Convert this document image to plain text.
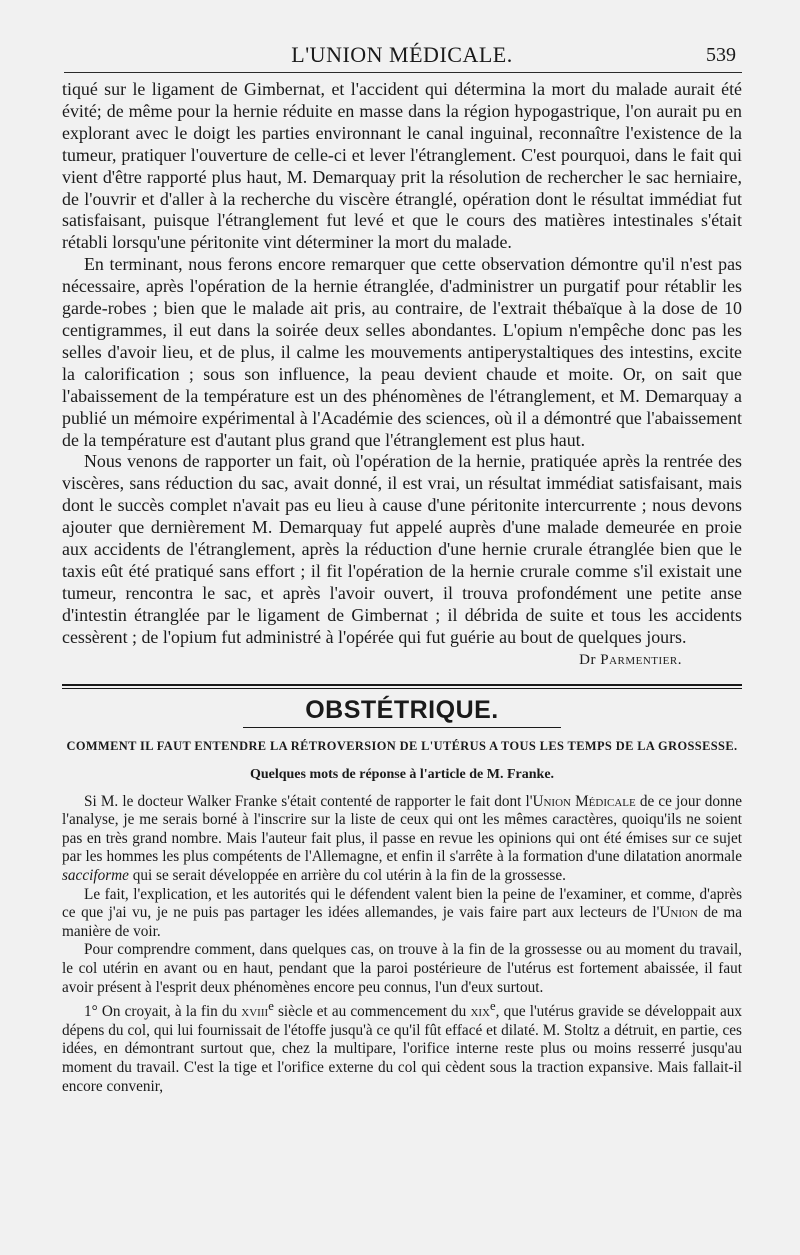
L'UNION MÉDICALE.	539

tiqué sur le ligament de Gimbernat, et l'accident qui détermina la mort du malade aurait été évité; de même pour la hernie réduite en masse dans la région hypogastrique, l'on aurait pu en explorant avec le doigt les parties environnant le canal inguinal, reconnaître l'existence de la tumeur, pratiquer l'ouverture de celle-ci et lever l'étranglement. C'est pourquoi, dans le fait qui vient d'être rapporté plus haut, M. Demarquay prit la résolution de rechercher le sac herniaire, de l'ouvrir et d'aller à la recherche du viscère étranglé, opération dont le résultat immédiat fut satisfaisant, puisque l'étranglement fut levé et que le cours des matières intestinales s'était rétabli lorsqu'une péritonite vint déterminer la mort du malade.

En terminant, nous ferons encore remarquer que cette observation démontre qu'il n'est pas nécessaire, après l'opération de la hernie étranglée, d'administrer un purgatif pour rétablir les garde-robes ; bien que le malade ait pris, au contraire, de l'extrait thébaïque à la dose de 10 centigrammes, il eut dans la soirée deux selles abondantes. L'opium n'empêche donc pas les selles d'avoir lieu, et de plus, il calme les mouvements antiperystaltiques des intestins, excite la calorification ; sous son influence, la peau devient chaude et moite. Or, on sait que l'abaissement de la température est un des phénomènes de l'étranglement, et M. Demarquay a publié un mémoire expérimental à l'Académie des sciences, où il a démontré que l'abaissement de la température est d'autant plus grand que l'étranglement est plus haut.

Nous venons de rapporter un fait, où l'opération de la hernie, pratiquée après la rentrée des viscères, sans réduction du sac, avait donné, il est vrai, un résultat immédiat satisfaisant, mais dont le succès complet n'avait pas eu lieu à cause d'une péritonite intercurrente ; nous devons ajouter que dernièrement M. Demarquay fut appelé auprès d'une malade demeurée en proie aux accidents de l'étranglement, après la réduction d'une hernie crurale étranglée bien que le taxis eût été pratiqué sans effort ; il fit l'opération de la hernie crurale comme s'il existait une tumeur, rencontra le sac, et après l'avoir ouvert, il trouva profondément une petite anse d'intestin étranglée par le ligament de Gimbernat ; il débrida de suite et tous les accidents cessèrent ; de l'opium fut administré à l'opérée qui fut guérie au bout de quelques jours.

Dr Parmentier.
OBSTÉTRIQUE.
COMMENT IL FAUT ENTENDRE LA RÉTROVERSION DE L'UTÉRUS A TOUS LES TEMPS DE LA GROSSESSE.
Quelques mots de réponse à l'article de M. Franke.

Si M. le docteur Walker Franke s'était contenté de rapporter le fait dont l'Union Médicale de ce jour donne l'analyse, je me serais borné à l'inscrire sur la liste de ceux qui ont les mêmes caractères, quoiqu'ils ne soient pas en très grand nombre. Mais l'auteur fait plus, il passe en revue les opinions qui ont été émises sur ce sujet par les hommes les plus compétents de l'Allemagne, et enfin il s'arrête à la formation d'une dilatation anormale sacciforme qui se serait développée en arrière du col utérin à la fin de la grossesse.

Le fait, l'explication, et les autorités qui le défendent valent bien la peine de l'examiner, et comme, d'après ce que j'ai vu, je ne puis pas partager les idées allemandes, je vais faire part aux lecteurs de l'Union de ma manière de voir.

Pour comprendre comment, dans quelques cas, on trouve à la fin de la grossesse ou au moment du travail, le col utérin en avant ou en haut, pendant que la paroi postérieure de l'utérus est fortement abaissée, il faut avoir présent à l'esprit deux phénomènes encore peu connus, l'un d'eux surtout.

1° On croyait, à la fin du xviii$^e$ siècle et au commencement du xix$^e$, que l'utérus gravide se développait aux dépens du col, qui lui fournissait de l'étoffe jusqu'à ce qu'il fût effacé et dilaté. M. Stoltz a détruit, en partie, ces idées, en démontrant surtout que, chez la multipare, l'orifice interne reste plus ou moins resserré jusqu'au moment du travail. C'est la tige et l'orifice externe du col qui cèdent sous la traction expansive. Mais fallait-il encore convenir,
